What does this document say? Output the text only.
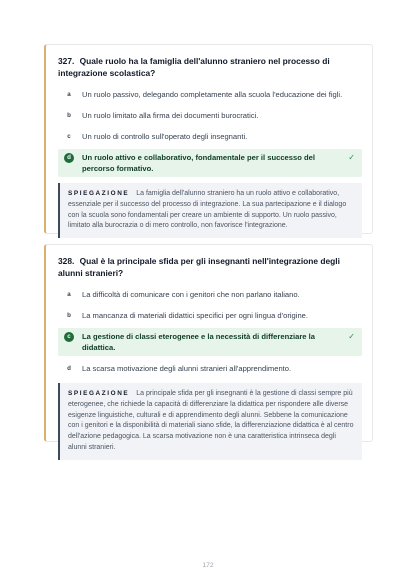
327. Quale ruolo ha la famiglia dell'alunno straniero nel processo di integrazione scolastica?
a	Un ruolo passivo, delegando completamente alla scuola l'educazione dei figli.
b	Un ruolo limitato alla firma dei documenti burocratici.
c	Un ruolo di controllo sull'operato degli insegnanti.
d	Un ruolo attivo e collaborativo, fondamentale per il successo del percorso formativo.
✓
SPIEGAZIONE La famiglia dell'alunno straniero ha un ruolo attivo e collaborativo, essenziale per il successo del processo di integrazione. La sua partecipazione e il dialogo con la scuola sono fondamentali per creare un ambiente di supporto. Un ruolo passivo, limitato alla burocrazia o di mero controllo, non favorisce l'integrazione.
328. Qual è la principale sfida per gli insegnanti nell'integrazione degli alunni stranieri?
a	La difficoltà di comunicare con i genitori che non parlano italiano.
b	La mancanza di materiali didattici specifici per ogni lingua d'origine.
c	La gestione di classi eterogenee e la necessità di differenziare la didattica.
✓
d	La scarsa motivazione degli alunni stranieri all'apprendimento.
SPIEGAZIONE La principale sfida per gli insegnanti è la gestione di classi sempre più eterogenee, che richiede la capacità di differenziare la didattica per rispondere alle diverse esigenze linguistiche, culturali e di apprendimento degli alunni. Sebbene la comunicazione con i genitori e la disponibilità di materiali siano sfide, la differenziazione didattica è al centro dell'azione pedagogica. La scarsa motivazione non è una caratteristica intrinseca degli alunni stranieri.
172
